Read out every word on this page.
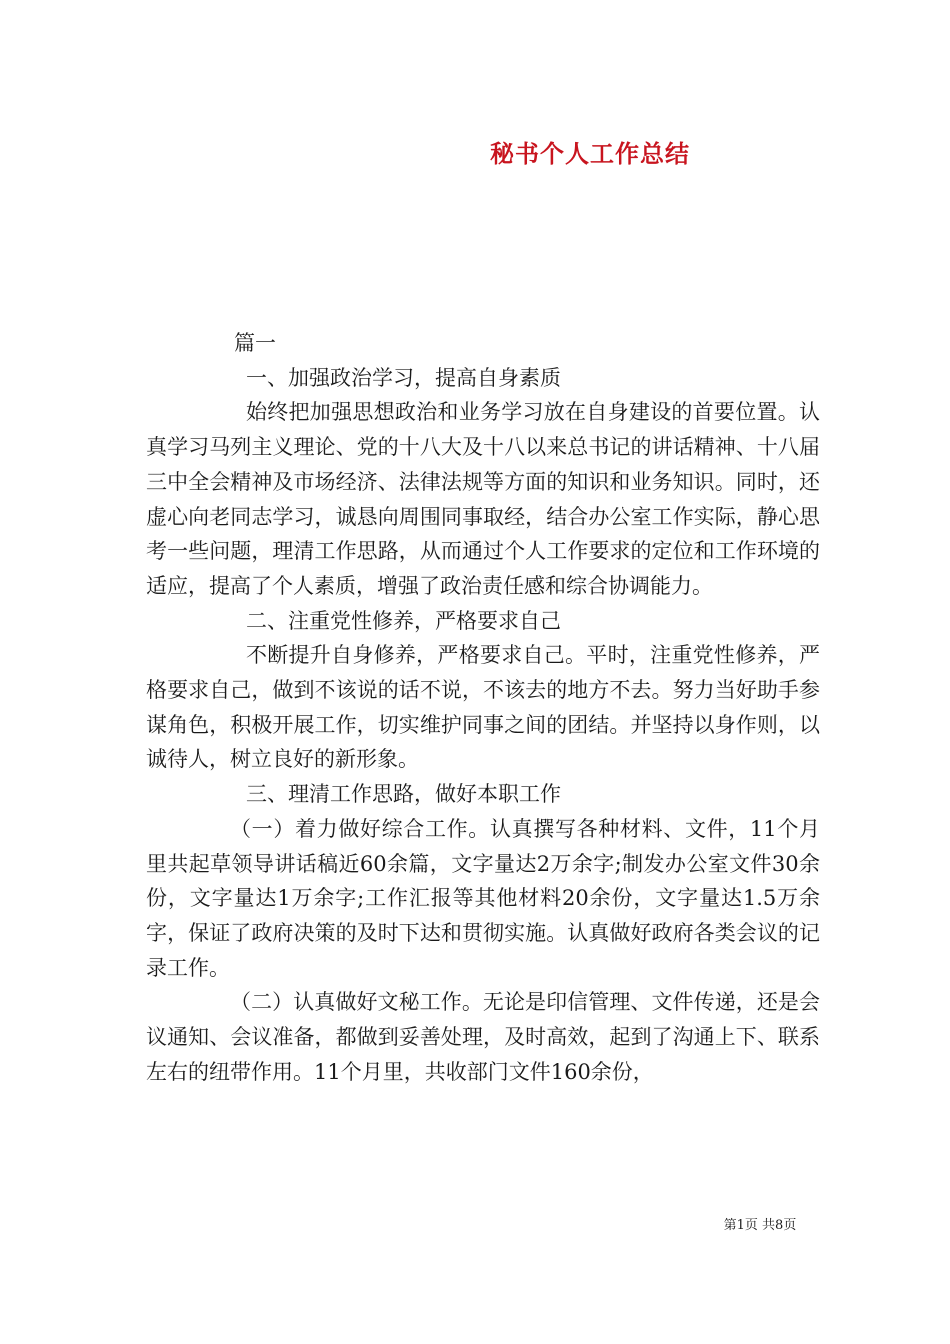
秘书个人工作总结

篇一

一、加强政治学习，提高自身素质

始终把加强思想政治和业务学习放在自身建设的首要位置。认真学习马列主义理论、党的十八大及十八以来总书记的讲话精神、十八届三中全会精神及市场经济、法律法规等方面的知识和业务知识。同时，还虚心向老同志学习，诚恳向周围同事取经，结合办公室工作实际，静心思考一些问题，理清工作思路，从而通过个人工作要求的定位和工作环境的适应，提高了个人素质，增强了政治责任感和综合协调能力。

二、注重党性修养，严格要求自己

不断提升自身修养，严格要求自己。平时，注重党性修养，严格要求自己，做到不该说的话不说，不该去的地方不去。努力当好助手参谋角色，积极开展工作，切实维护同事之间的团结。并坚持以身作则，以诚待人，树立良好的新形象。

三、理清工作思路，做好本职工作

（一）着力做好综合工作。认真撰写各种材料、文件，11个月里共起草领导讲话稿近60余篇，文字量达2万余字;制发办公室文件30余份，文字量达1万余字;工作汇报等其他材料20余份，文字量达1.5万余字，保证了政府决策的及时下达和贯彻实施。认真做好政府各类会议的记录工作。

（二）认真做好文秘工作。无论是印信管理、文件传递，还是会议通知、会议准备，都做到妥善处理，及时高效，起到了沟通上下、联系左右的纽带作用。11个月里，共收部门文件160余份，

第1页 共8页
